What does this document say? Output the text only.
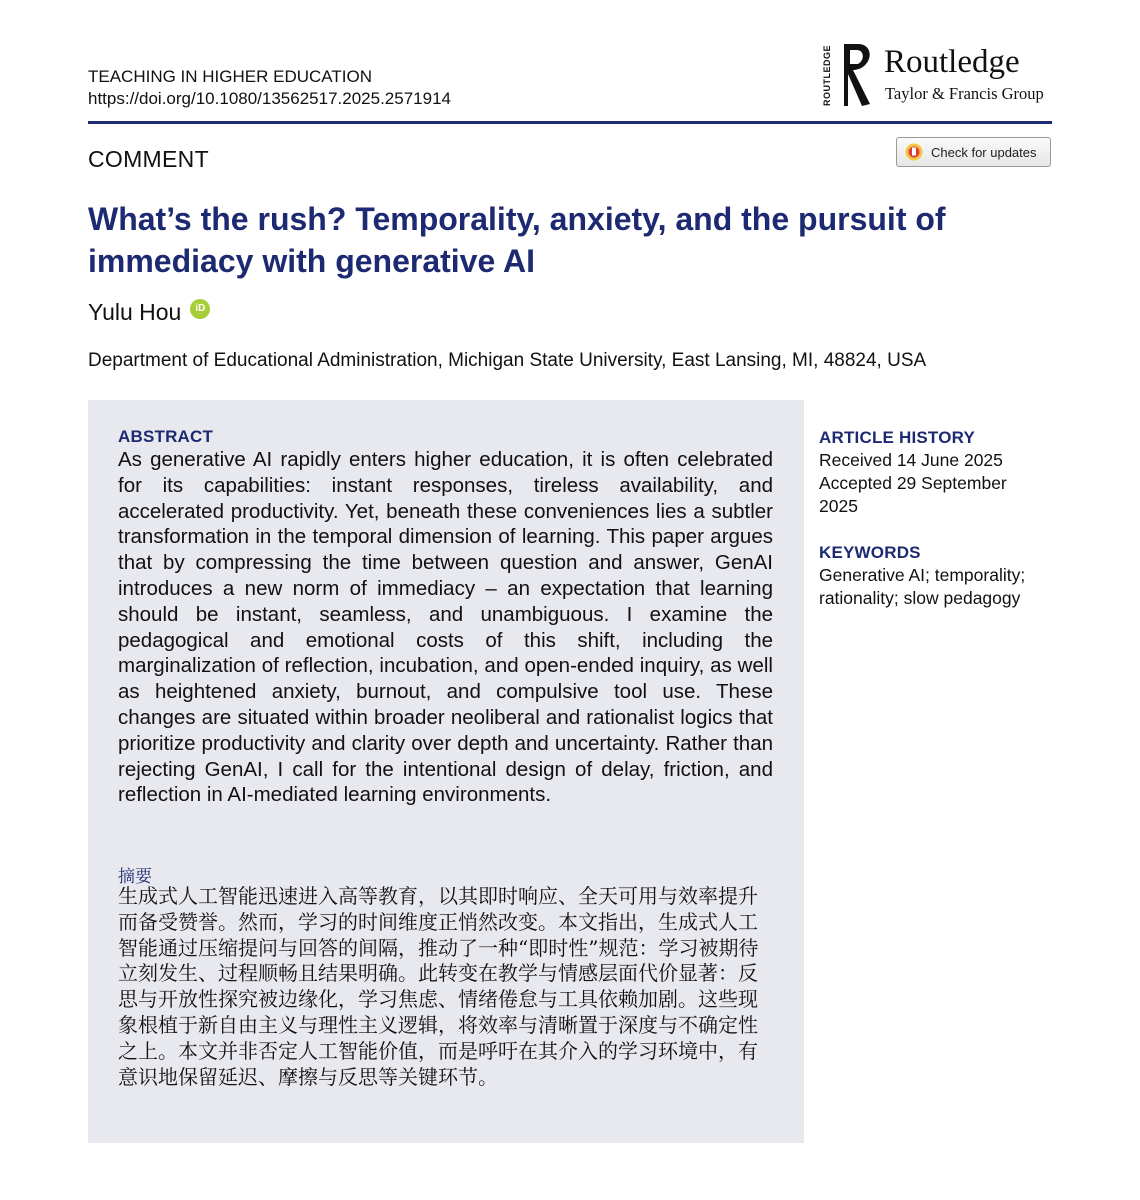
TEACHING IN HIGHER EDUCATION
https://doi.org/10.1080/13562517.2025.2571914	ROUTLEDGE Routledge
Taylor & Francis Group
COMMENT	Check for updates
What’s the rush? Temporality, anxiety, and the pursuit of immediacy with generative AI
Yulu Hou	iD
Department of Educational Administration, Michigan State University, East Lansing, MI, 48824, USA
ABSTRACT

As generative AI rapidly enters higher education, it is often celebrated for its capabilities: instant responses, tireless availability, and accelerated productivity. Yet, beneath these conveniences lies a subtler transformation in the temporal dimension of learning. This paper argues that by compressing the time between question and answer, GenAI introduces a new norm of immediacy – an expectation that learning should be instant, seamless, and unambiguous. I examine the pedagogical and emotional costs of this shift, including the marginalization of reflection, incubation, and open-ended inquiry, as well as heightened anxiety, burnout, and compulsive tool use. These changes are situated within broader neoliberal and rationalist logics that prioritize productivity and clarity over depth and uncertainty. Rather than rejecting GenAI, I call for the intentional design of delay, friction, and reflection in AI-mediated learning environments.

摘要

生成式人工智能迅速进入高等教育，以其即时响应、全天可用与效率提升而备受赞誉。然而，学习的时间维度正悄然改变。本文指出，生成式人工智能通过压缩提问与回答的间隔，推动了一种“即时性”规范：学习被期待立刻发生、过程顺畅且结果明确。此转变在教学与情感层面代价显著：反思与开放性探究被边缘化，学习焦虑、情绪倦怠与工具依赖加剧。这些现象根植于新自由主义与理性主义逻辑，将效率与清晰置于深度与不确定性之上。本文并非否定人工智能价值，而是呼吁在其介入的学习环境中，有意识地保留延迟、摩擦与反思等关键环节。

ARTICLE HISTORY
Received 14 June 2025
Accepted 29 September
2025
KEYWORDS
Generative AI; temporality;
rationality; slow pedagogy
